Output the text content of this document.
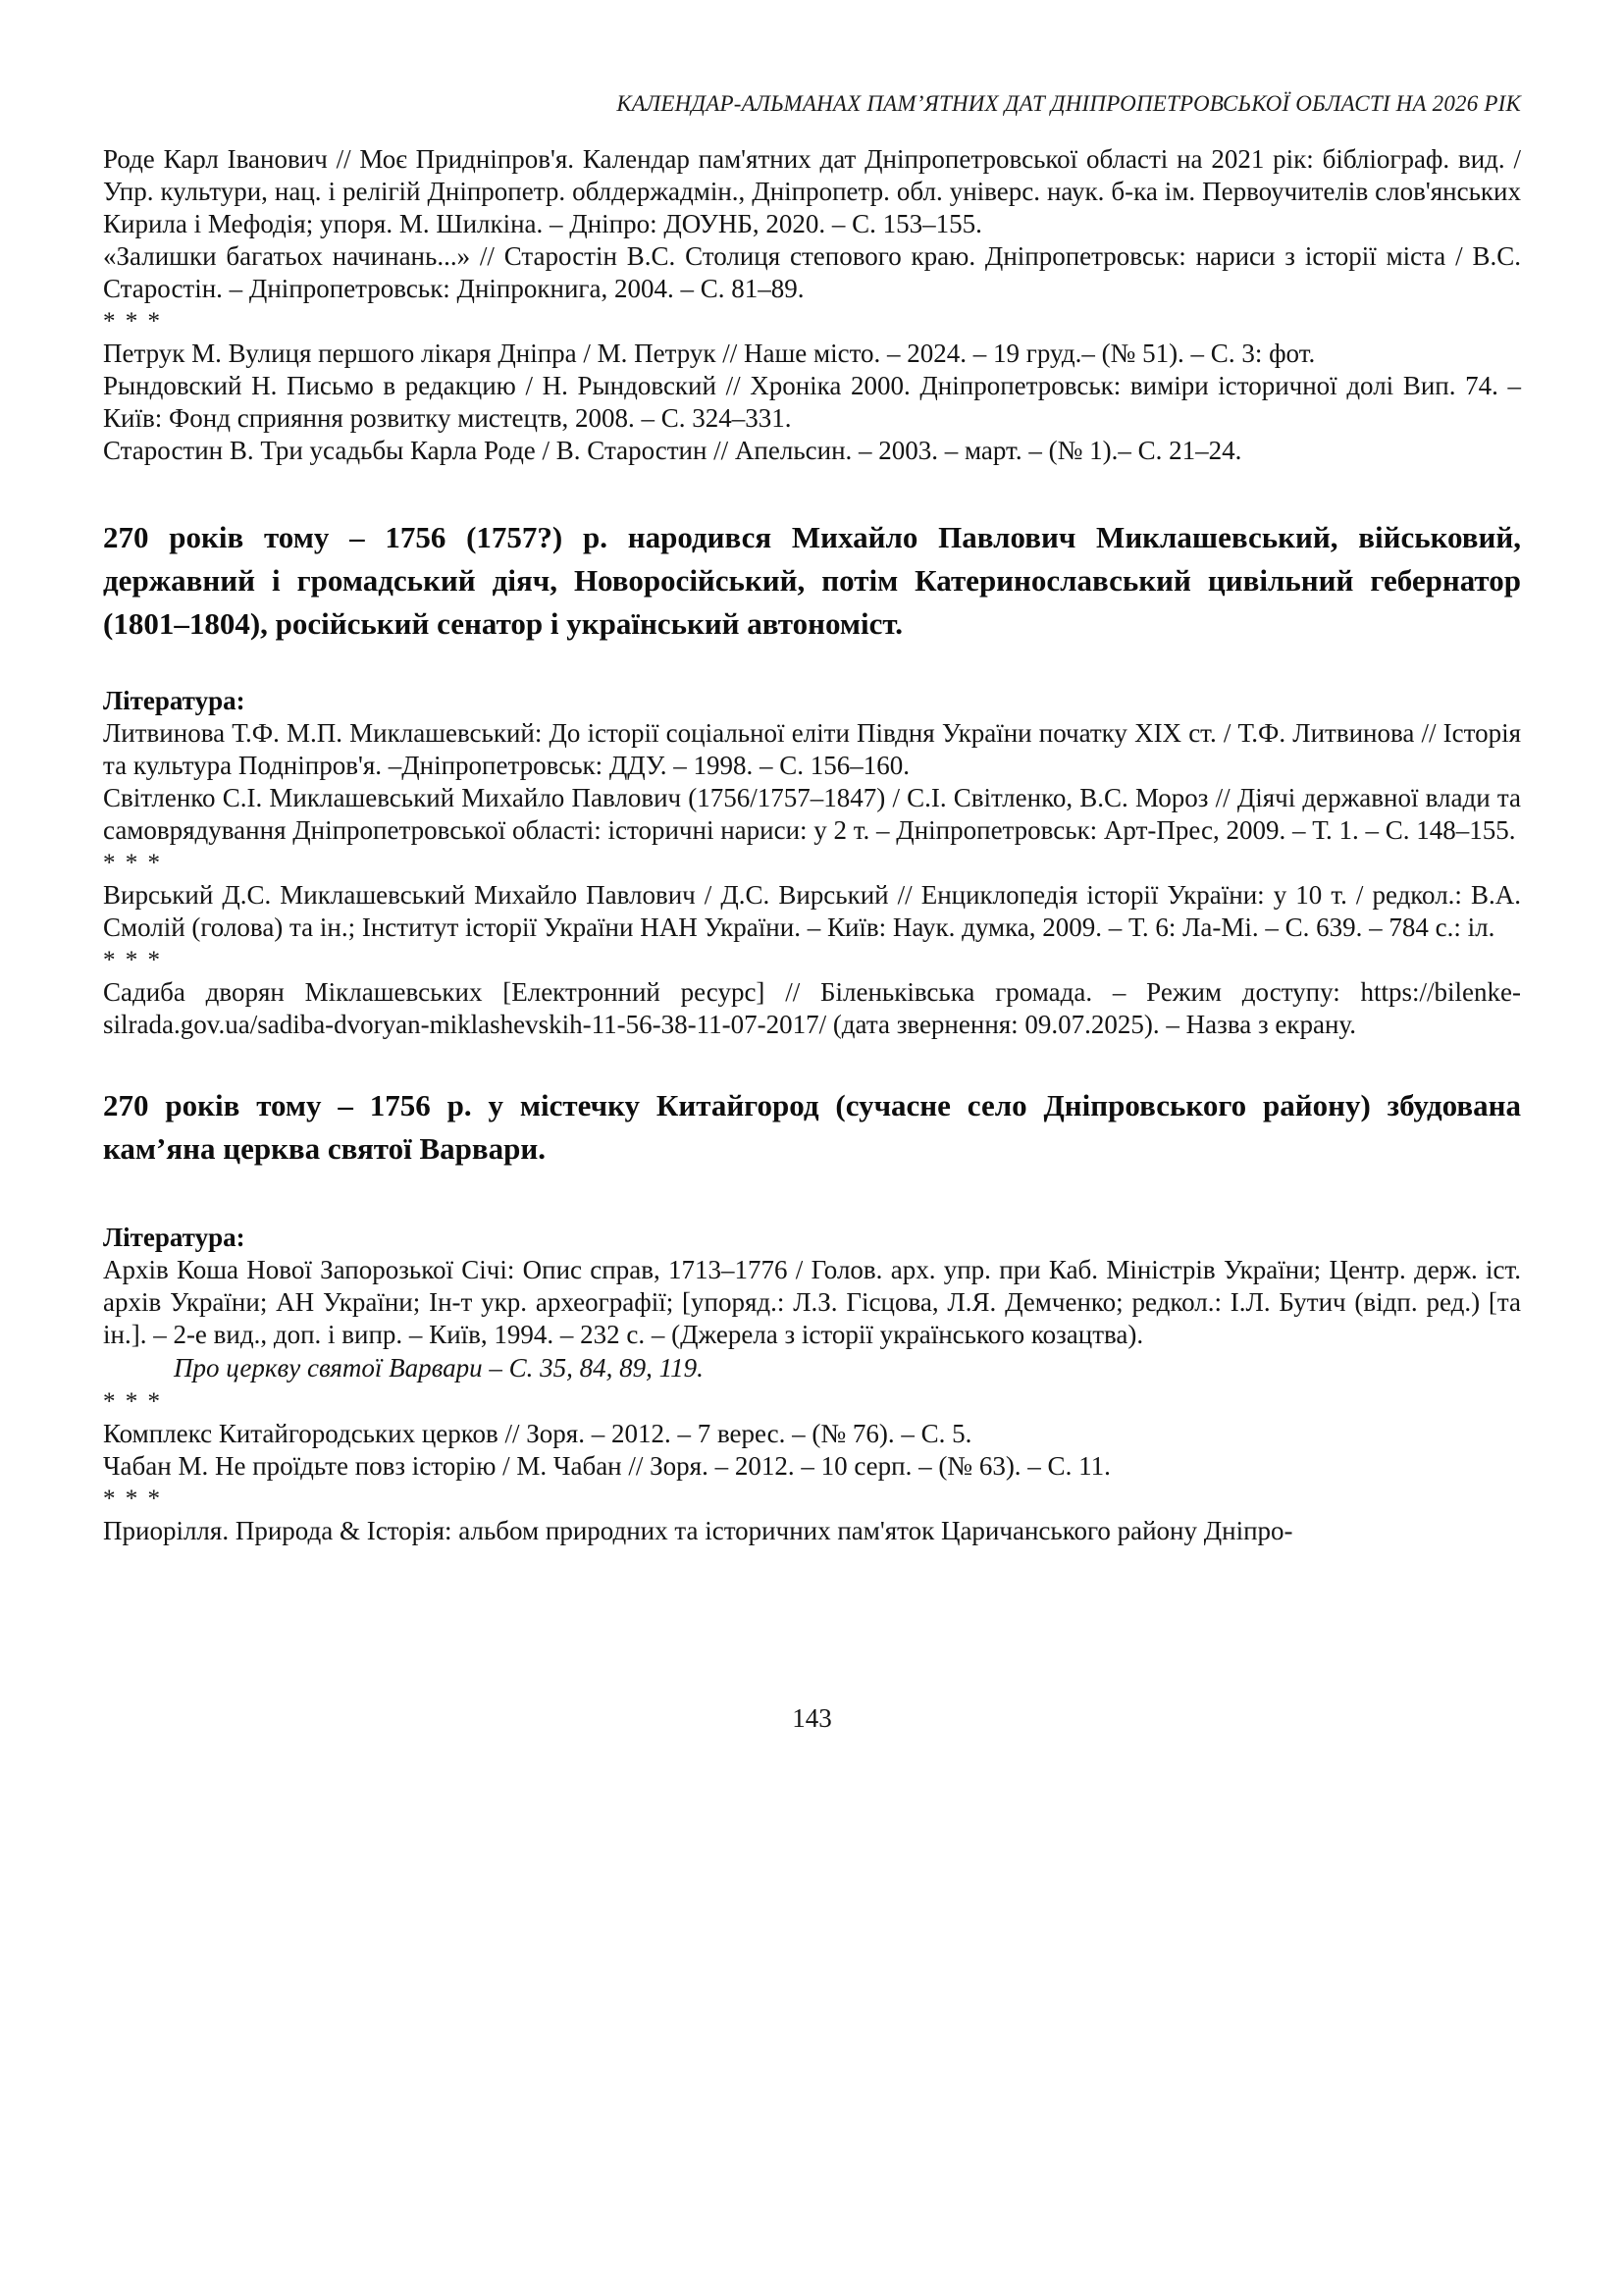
КАЛЕНДАР-АЛЬМАНАХ ПАМ’ЯТНИХ ДАТ ДНІПРОПЕТРОВСЬКОЇ ОБЛАСТІ НА 2026 РІК
Роде Карл Іванович // Моє Придніпров'я. Календар пам'ятних дат Дніпропетровської області на 2021 рік: бібліограф. вид. / Упр. культури, нац. і релігій Дніпропетр. облдержадмін., Дніпропетр. обл. універс. наук. б-ка ім. Первоучителів слов'янських Кирила і Мефодія; упоря. М. Шилкіна. – Дніпро: ДОУНБ, 2020. – С. 153–155.
«Залишки багатьох начинань...» // Старостін В.С. Столиця степового краю. Дніпропетровськ: нариси з історії міста / В.С. Старостін. – Дніпропетровськ: Дніпрокнига, 2004. – С. 81–89.
* * *
Петрук М. Вулиця першого лікаря Дніпра / М. Петрук // Наше місто. – 2024. – 19 груд.– (№ 51). – С. 3: фот.
Рындовский Н. Письмо в редакцию / Н. Рындовский // Хроніка 2000. Дніпропетровськ: виміри історичної долі Вип. 74. – Київ: Фонд сприяння розвитку мистецтв, 2008. – С. 324–331.
Старостин В. Три усадьбы Карла Роде / В. Старостин // Апельсин. – 2003. – март. – (№ 1).– С. 21–24.
270 років тому – 1756 (1757?) р. народився Михайло Павлович Миклашевський, військовий, державний і громадський діяч, Новоросійський, потім Катеринославський цивільний гебернатор (1801–1804), російський сенатор і український автономіст.
Література:
Литвинова Т.Ф. М.П. Миклашевський: До історії соціальної еліти Півдня України початку XIX ст. / Т.Ф. Литвинова // Історія та культура Подніпров'я. –Дніпропетровськ: ДДУ. – 1998. – С. 156–160.
Світленко С.І. Миклашевський Михайло Павлович (1756/1757–1847) / С.І. Світленко, В.С. Мороз // Діячі державної влади та самоврядування Дніпропетровської області: історичні нариси: у 2 т. – Дніпропетровськ: Арт-Прес, 2009. – Т. 1. – С. 148–155.
* * *
Вирський Д.С. Миклашевський Михайло Павлович / Д.С. Вирський // Енциклопедія історії України: у 10 т. / редкол.: В.А. Смолій (голова) та ін.; Інститут історії України НАН України. – Київ: Наук. думка, 2009. – Т. 6: Ла-Мі. – С. 639. – 784 с.: іл.
* * *
Садиба дворян Міклашевських [Електронний ресурс] // Біленьківська громада. – Режим доступу: https://bilenke-silrada.gov.ua/sadiba-dvoryan-miklashevskih-11-56-38-11-07-2017/ (дата звернення: 09.07.2025). – Назва з екрану.
270 років тому – 1756 р. у містечку Китайгород (сучасне село Дніпровського району) збудована кам’яна церква святої Варвари.
Література:
Архів Коша Нової Запорозької Січі: Опис справ, 1713–1776 / Голов. арх. упр. при Каб. Міністрів України; Центр. держ. іст. архів України; АН України; Ін-т укр. археографії; [упоряд.: Л.З. Гісцова, Л.Я. Демченко; редкол.: І.Л. Бутич (відп. ред.) [та ін.]. – 2-е вид., доп. і випр. – Київ, 1994. – 232 с. – (Джерела з історії українського козацтва).
Про церкву святої Варвари – С. 35, 84, 89, 119.
* * *
Комплекс Китайгородських церков // Зоря. – 2012. – 7 верес. – (№ 76). – С. 5.
Чабан М. Не проїдьте повз історію / М. Чабан // Зоря. – 2012. – 10 серп. – (№ 63). – С. 11.
* * *
Приорілля. Природа & Історія: альбом природних та історичних пам'яток Царичанського району Дніпро-
143
